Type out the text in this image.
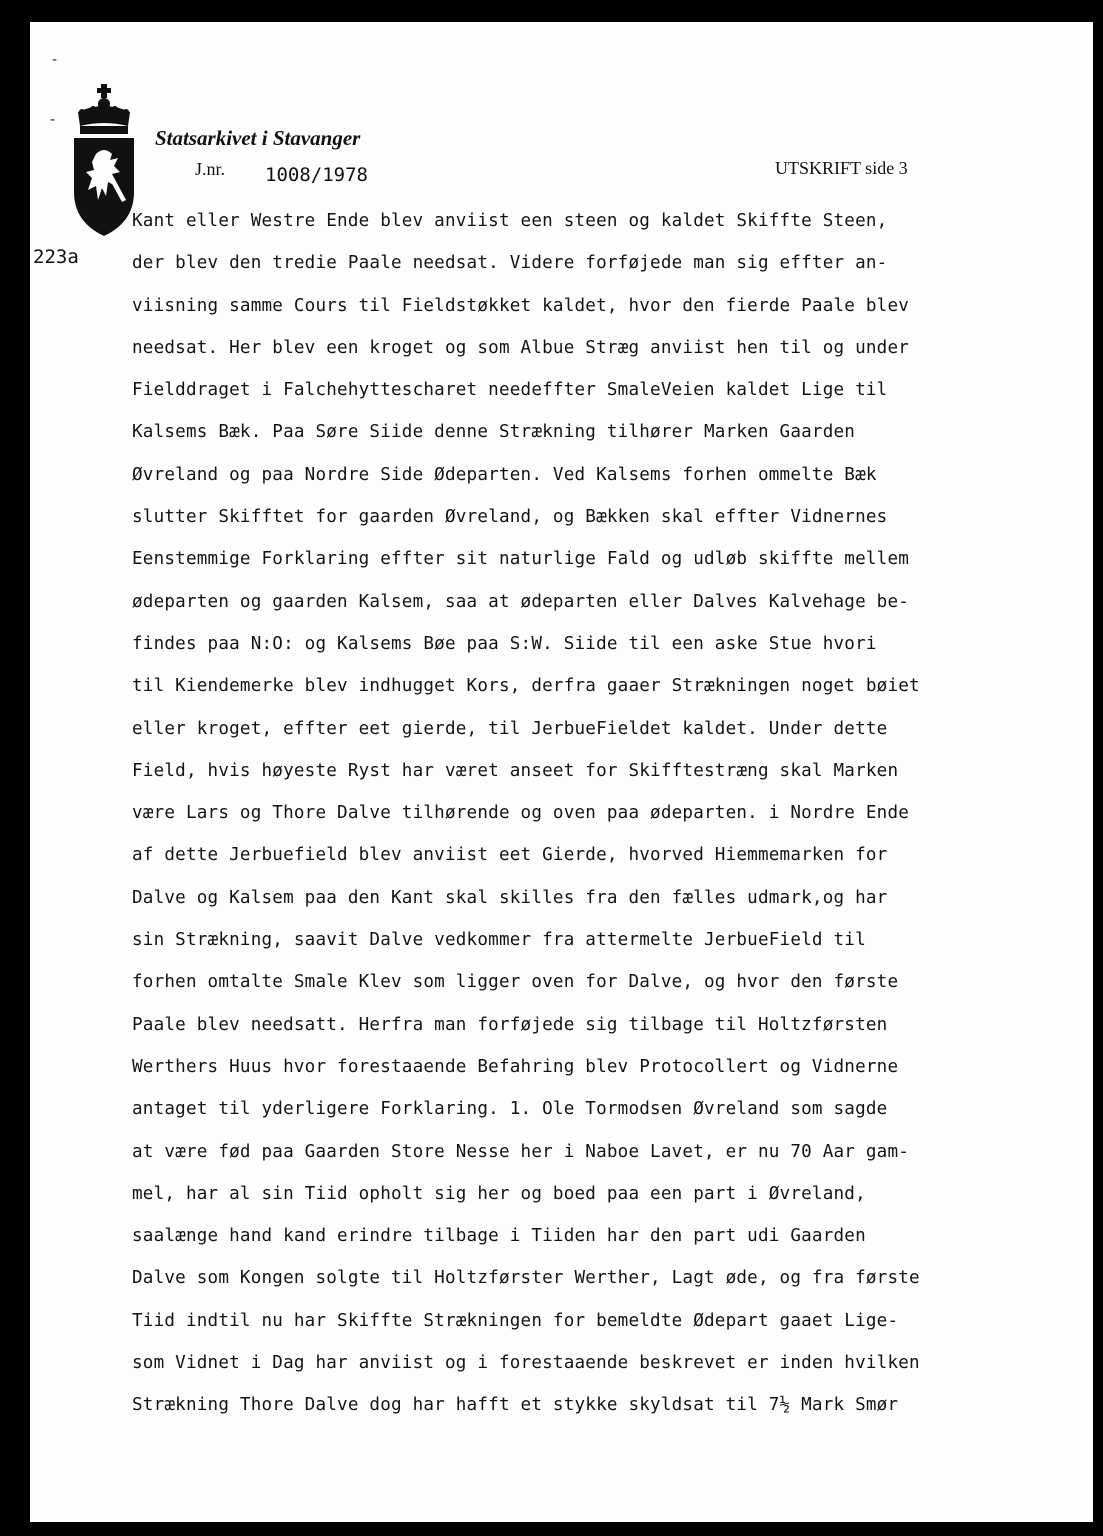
-
-
Statsarkivet i Stavanger
J.nr. 1008/1978	UTSKRIFT side 3
223a
Kant eller Westre Ende blev anviist een steen og kaldet Skiffte Steen,
der blev den tredie Paale needsat. Videre forføjede man sig effter an-
viisning samme Cours til Fieldstøkket kaldet, hvor den fierde Paale blev
needsat. Her blev een kroget og som Albue Stræg anviist hen til og under
Fielddraget i Falchehyttescharet needeffter SmaleVeien kaldet Lige til
Kalsems Bæk. Paa Søre Siide denne Strækning tilhører Marken Gaarden
Øvreland og paa Nordre Side Ødeparten. Ved Kalsems forhen ommelte Bæk
slutter Skifftet for gaarden Øvreland, og Bækken skal effter Vidnernes
Eenstemmige Forklaring effter sit naturlige Fald og udløb skiffte mellem
ødeparten og gaarden Kalsem, saa at ødeparten eller Dalves Kalvehage be-
findes paa N:O: og Kalsems Bøe paa S:W. Siide til een aske Stue hvori
til Kiendemerke blev indhugget Kors, derfra gaaer Strækningen noget bøiet
eller kroget, effter eet gierde, til JerbueFieldet kaldet. Under dette
Field, hvis høyeste Ryst har været anseet for Skifftestræng skal Marken
være Lars og Thore Dalve tilhørende og oven paa ødeparten. i Nordre Ende
af dette Jerbuefield blev anviist eet Gierde, hvorved Hiemmemarken for
Dalve og Kalsem paa den Kant skal skilles fra den fælles udmark,og har
sin Strækning, saavit Dalve vedkommer fra attermelte JerbueField til
forhen omtalte Smale Klev som ligger oven for Dalve, og hvor den første
Paale blev needsatt. Herfra man forføjede sig tilbage til Holtzførsten
Werthers Huus hvor forestaaende Befahring blev Protocollert og Vidnerne
antaget til yderligere Forklaring. 1. Ole Tormodsen Øvreland som sagde
at være fød paa Gaarden Store Nesse her i Naboe Lavet, er nu 70 Aar gam-
mel, har al sin Tiid opholt sig her og boed paa een part i Øvreland,
saalænge hand kand erindre tilbage i Tiiden har den part udi Gaarden
Dalve som Kongen solgte til Holtzførster Werther, Lagt øde, og fra første
Tiid indtil nu har Skiffte Strækningen for bemeldte Ødepart gaaet Lige-
som Vidnet i Dag har anviist og i forestaaende beskrevet er inden hvilken
Strækning Thore Dalve dog har hafft et stykke skyldsat til 7½ Mark Smør
